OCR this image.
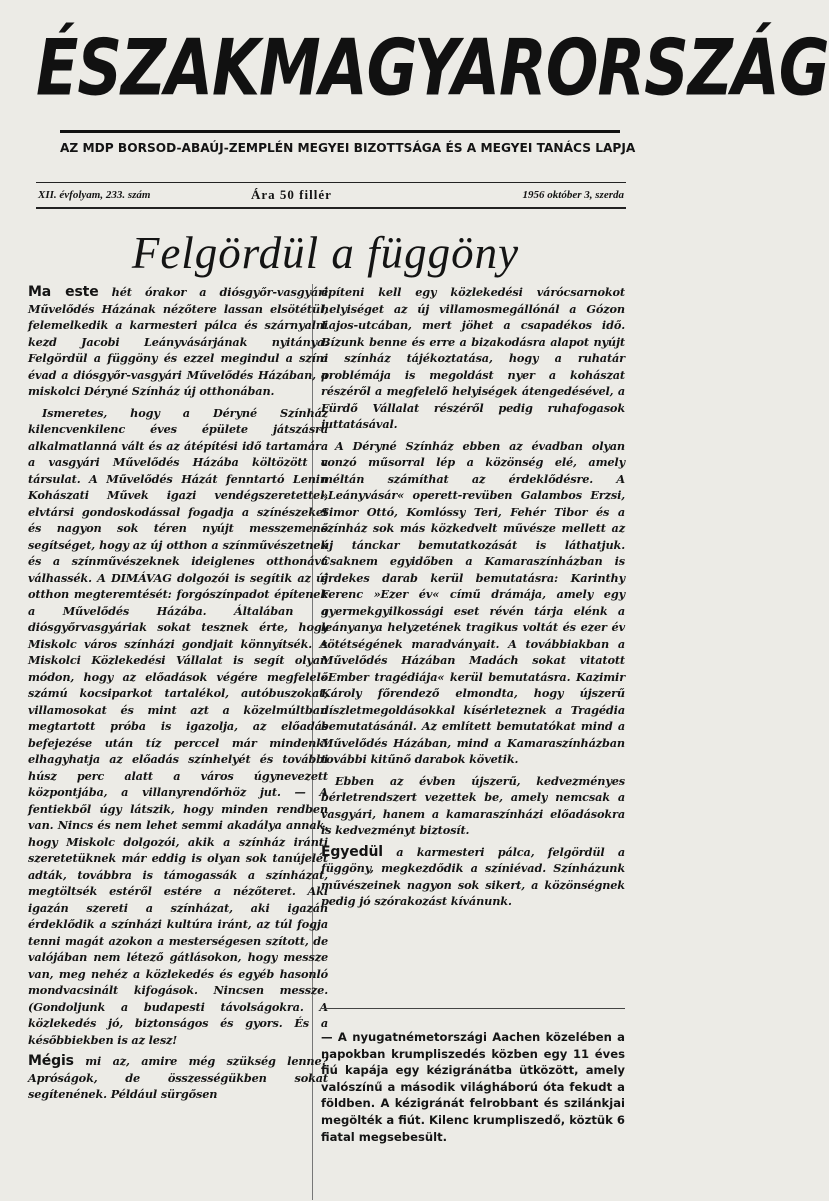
ÉSZAKMAGYARORSZÁG
AZ MDP BORSOD-ABAÚJ-ZEMPLÉN MEGYEI BIZOTTSÁGA ÉS A MEGYEI TANÁCS LAPJA
XII. évfolyam, 233. szám	Ára 50 fillér	1956 október 3, szerda
Felgördül a függöny

Ma este hét órakor a diósgyőr-vasgyári Művelődés Házának nézőtere lassan elsötétül, felemelkedik a karmesteri pálca és szárnyalni kezd Jacobi Leányvásárjának nyitánya. Felgördül a függöny és ezzel megindul a színi évad a diósgyőr-vasgyári Művelődés Házában, a miskolci Déryné Színház új otthonában.

Ismeretes, hogy a Déryné Színház kilencvenkilenc éves épülete játszásra alkalmatlanná vált és az átépítési idő tartamára a vasgyári Művelődés Házába költözött a társulat. A Művelődés Házát fenntartó Lenin Kohászati Művek igazi vendégszeretettel, elvtársi gondoskodással fogadja a színészeket és nagyon sok téren nyújt messzemenő segítséget, hogy az új otthon a színművészetnek és a színművészeknek ideiglenes otthonává válhassék. A DIMÁVAG dolgozói is segítik az új otthon megteremtését: forgószínpadot építenek a Művelődés Házába. Általában a diósgyőrvasgyáriak sokat tesznek érte, hogy Miskolc város színházi gondjait könnyítsék. A Miskolci Közlekedési Vállalat is segít olyan módon, hogy az előadások végére megfelelő számú kocsiparkot tartalékol, autóbuszokat, villamosokat és mint azt a közelmúltban megtartott próba is igazolja, az előadás befejezése után tíz perccel már mindenki elhagyhatja az előadás színhelyét és további húsz perc alatt a város úgynevezett központjába, a villanyrendőrhöz jut. — A fentiekből úgy látszik, hogy minden rendben van. Nincs és nem lehet semmi akadálya annak, hogy Miskolc dolgozói, akik a színház iránti szeretetüknek már eddig is olyan sok tanújelét adták, továbbra is támogassák a színházat, megtöltsék estéről estére a nézőteret. Aki igazán szereti a színházat, aki igazán érdeklődik a színházi kultúra iránt, az túl fogja tenni magát azokon a mesterségesen szított, de valójában nem létező gátlásokon, hogy messze van, meg nehéz a közlekedés és egyéb hasonló mondvacsinált kifogások. Nincsen messze. (Gondoljunk a budapesti távolságokra. A közlekedés jó, biztonságos és gyors. És a későbbiekben is az lesz!

Mégis mi az, amire még szükség lenne? Apróságok, de összességükben sokat segítenének. Például sürgősen

építeni kell egy közlekedési várócsarnokot helyiséget az új villamosmegállónál a Gózon Lajos-utcában, mert jöhet a csapadékos idő. Bízunk benne és erre a bizakodásra alapot nyújt a színház tájékoztatása, hogy a ruhatár problémája is megoldást nyer a kohászat részéről a megfelelő helyiségek átengedésével, a Fürdő Vállalat részéről pedig ruhafogasok juttatásával.

A Déryné Színház ebben az évadban olyan vonzó műsorral lép a közönség elé, amely méltán számíthat az érdeklődésre. A »Leányvásár« operett-revüben Galambos Erzsi, Simor Ottó, Komlóssy Teri, Fehér Tibor és a színház sok más közkedvelt művésze mellett az új tánckar bemutatkozását is láthatjuk. Csaknem egyidőben a Kamaraszínházban is érdekes darab kerül bemutatásra: Karinthy Ferenc »Ezer év« című drámája, amely egy gyermekgyilkossági eset révén tárja elénk a leányanya helyzetének tragikus voltát és ezer év sötétségének maradványait. A továbbiakban a Művelődés Házában Madách sokat vitatott »Ember tragédiája« kerül bemutatásra. Kazimir Károly főrendező elmondta, hogy újszerű díszletmegoldásokkal kísérleteznek a Tragédia bemutatásánál. Az említett bemutatókat mind a Művelődés Házában, mind a Kamaraszínházban további kitűnő darabok követik.

Ebben az évben újszerű, kedvezményes bérletrendszert vezettek be, amely nemcsak a vasgyári, hanem a kamaraszínházi előadásokra is kedvezményt biztosít.

Egyedül a karmesteri pálca, felgördül a függöny, megkezdődik a színiévad. Színházunk művészeinek nagyon sok sikert, a közönségnek pedig jó szórakozást kívánunk.

— A nyugatnémetországi Aachen közelében a napokban krumpliszedés közben egy 11 éves fiú kapája egy kézigránátba ütközött, amely valószínű a második világháború óta fekudt a földben. A kézigránát felrobbant és szilánkjai megölték a fiút. Kilenc krumpliszedő, köztük 6 fiatal megsebesült.
